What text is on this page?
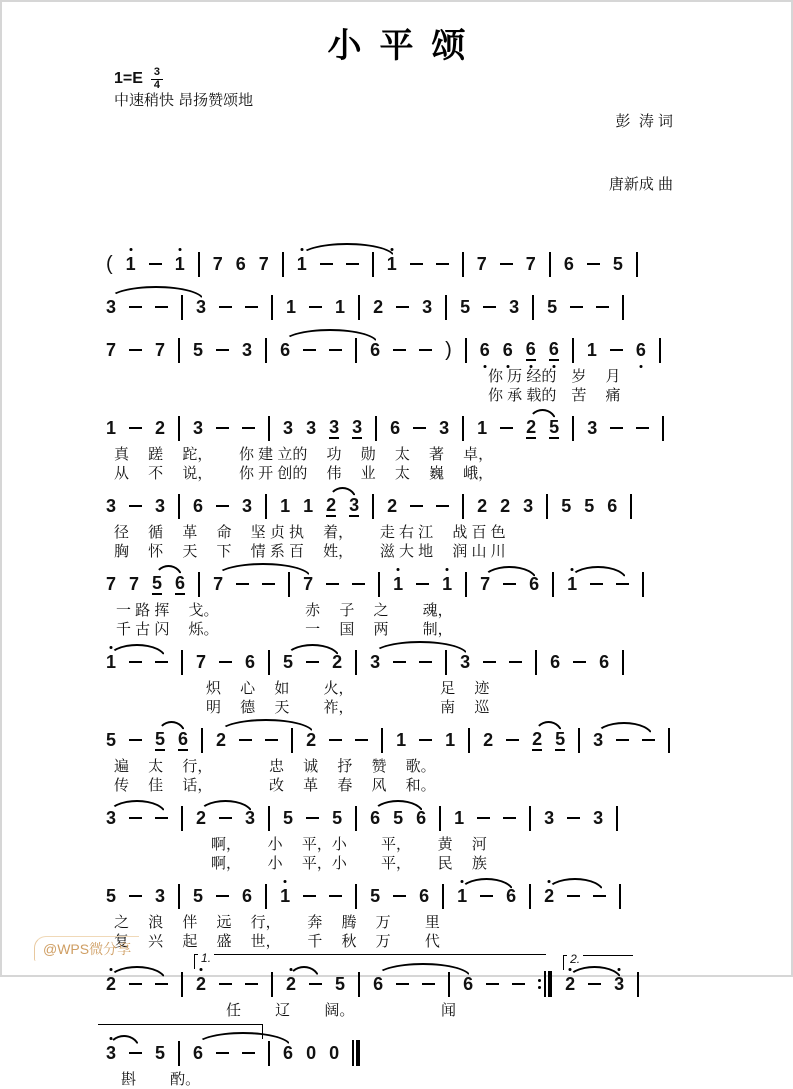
小平颂
$1=E \frac{3}{4}$
中速稍快 昂扬赞颂地

彭  涛 词

唐新成 曲

( 1 1 7 6 7 1	1	7 7 6 5
3	3	1 1 2 3 5 3 5
7 7 5 3 6	6	) 6 6 6 6 1 6
你 历 经的　岁　 月
你 承 载的　苦　 痛
1 2 3	3 3 3 3 6 3 1 2 5 3
真　 蹉　 跎，　　 你 建 立的　 功　 勋　 太　 著　 卓，
从　 不　 说，　　 你 开 创的　 伟　 业　 太　 巍　 峨，
3 3 6 3 1 1 2 3 2	2 2 3 5 5 6
径　 循　 革　 命　 坚 贞 执　 着，　　 走 右 江　 战 百 色
胸　 怀　 天　 下　 情 系 百　 姓，　　 滋 大 地　 润 山 川
7 7 5 6 7	7	1 1 7 6 1
一 路 挥　 戈。　　　　　　 赤　 子　 之　　 魂，
千 古 闪　 烁。　　　　　　 一　 国　 两　　 制，
1	7 6 5 2 3	3	6 6
炽　 心　 如　　 火，　　　　　　 足　 迹
明　 德　 天　　 祚，　　　　　　 南　 巡
5 5 6 2	2	1 1 2 2 5 3
遍　 太　 行，　　　　 忠　 诚　 抒　 赞　 歌。
传　 佳　 话，　　　　 改　 革　 春　 风　 和。
3	2 3 5 5 6 5 6 1	3 3
啊，　　 小　 平，小　　 平，　　 黄　 河
啊，　　 小　 平，小　　 平，　　 民　 族
5 3 5 6 1	5 6 1 6 2
之　 浪　 伴　 远　 行，　　 奔　 腾　 万　　 里
复　 兴　 起　 盛　 世，　　 千　 秋　 万　　 代
2
1.
2	2 5 6	6
2.
2 3
任　　 辽　　 阔。　　　　　　 闻
3 5 6	6 0 0
斟　　 酌。
@WPS微分享
